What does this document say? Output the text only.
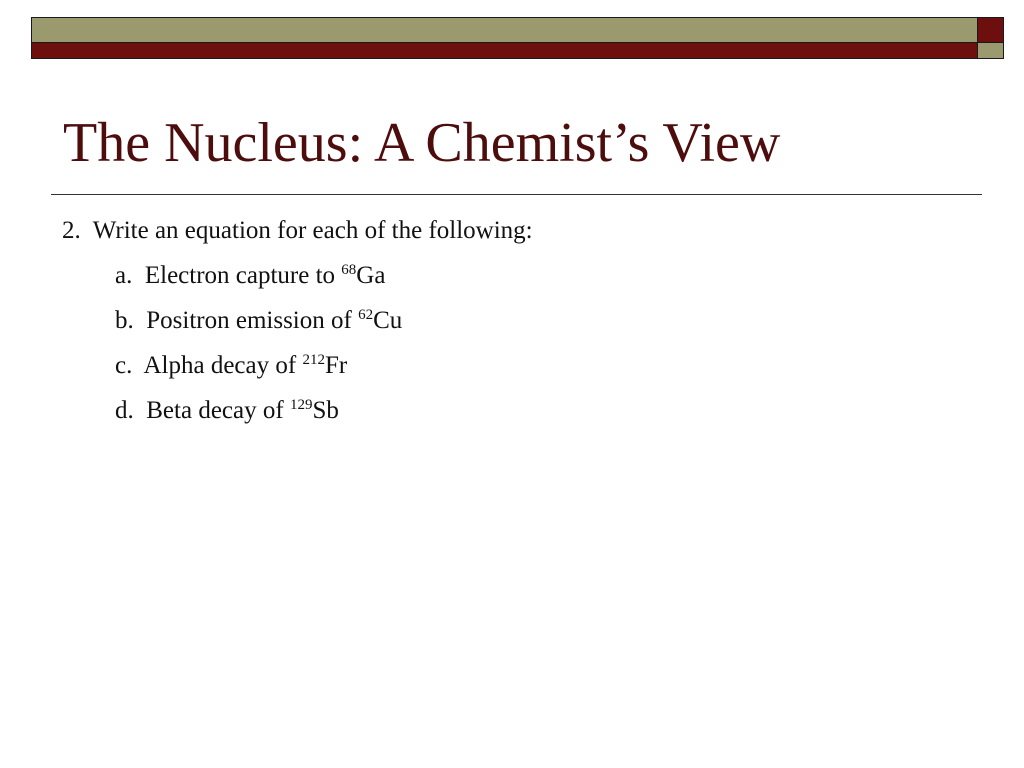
The Nucleus: A Chemist’s View
2.  Write an equation for each of the following:
a.  Electron capture to $^{68}$Ga
b.  Positron emission of $^{62}$Cu
c.  Alpha decay of $^{212}$Fr
d.  Beta decay of $^{129}$Sb
